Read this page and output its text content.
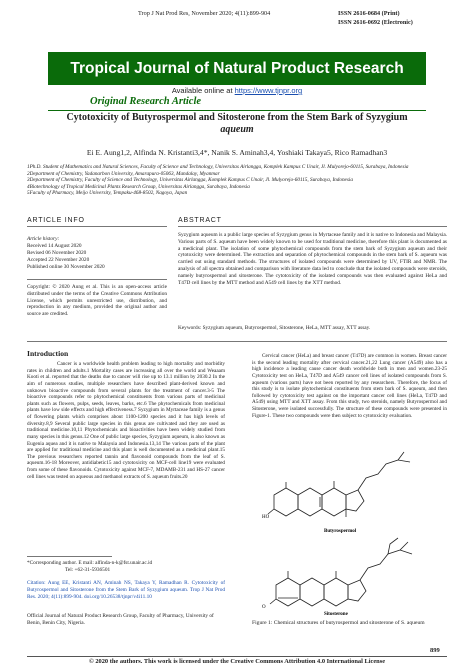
Trop J Nat Prod Res, November 2020; 4(11):899-904	ISSN 2616-0684 (Print)
ISSN 2616-0692 (Electronic)
Tropical Journal of Natural Product Research
Available online at https://www.tjnpr.org
Original Research Article
Cytotoxicity of Butyrospermol and Sitosterone from the Stem Bark of Syzygium
aqueum
Ei E. Aung1,2, Alfinda N. Kristanti3,4*, Nanik S. Aminah3,4, Yoshiaki Takaya5, Rico Ramadhan3
1Ph.D. Student of Mathematics and Natural Sciences, Faculty of Science and Technology, Universitas Airlangga, Komplek Kampus C Unair, Jl. Mulyorejo-60115, Surabaya, Indonesia
2Department of Chemistry, Yadanarbon University, Amarapura-05063, Mandalay, Myanmar
3Department of Chemistry, Faculty of Science and Technology, Universitas Airlangga, Komplek Kampus C Unair, Jl. Mulyorejo-60115, Surabaya, Indonesia
4Biotechnology of Tropical Medicinal Plants Research Group, Universitas Airlangga, Surabaya, Indonesia
5Faculty of Pharmacy, Meijo University, Tempaku-468-8502, Nagoya, Japan
ARTICLE INFO	ABSTRACT
Article history:
Received 14 August 2020
Revised 06 November 2020
Accepted 22 November 2020
Published online 30 November 2020
Copyright: © 2020 Aung et al. This is an open-access article distributed under the terms of the Creative Commons Attribution License, which permits unrestricted use, distribution, and reproduction in any medium, provided the original author and source are credited.
Syzygium aqueum is a public large species of Syzygium genus in Myrtaceae family and it is native to Indonesia and Malaysia. Various parts of S. aqueum have been widely known to be used for traditional medicine, therefore this plant is documented as a medicinal plant. The isolation of some phytochemical compounds from the stem bark of Syzygium aqueum and their cytotoxicity were determined. The extraction and separation of phytochemical compounds in the stem bark of S. aqueum was carried out using standard methods. The structures of isolated compounds were determined by UV, FTIR and NMR. The analysis of all spectra obtained and comparison with literature data led to conclude that the isolated compounds were steroids, namely butyrospermol and sitosterone. The cytotoxicity of the isolated compounds was then evaluated against HeLa and T47D cell lines by the MTT method and A549 cell lines by the XTT method.
Keywords: Syzygium aqueum, Butyrospermol, Sitosterone, HeLa, MTT assay, XTT assay.
Introduction
Cancer is a worldwide health problem leading to high mortality and morbidity rates in children and adults.1 Mortality cases are increasing all over the world and Weaaam Kooti et al. reported that the deaths due to cancer will rise up to 13.1 million by 2030.2 In the aim of numerous studies, multiple researchers have described plant-derived known and unknown bioactive compounds from several plants for the treatment of cancer.3-5 The bioactive compounds refer to phytochemical constituents from various parts of medicinal plants such as flowers, pulps, seeds, leaves, barks, etc.6 The phytochemicals from medicinal plants have low side effects and high effectiveness.7 Syzygium in Myrtaceae family is a genus of flowering plants which comprises about 1100-1200 species and it has high levels of diversity.8,9 Several public large species in this genus are cultivated and they are used as traditional medicine.10,11 Phytochemicals and bioactivities have been widely studied from many species in this genus.12 One of public large species, Syzygium aqueum, is also known as Eugenia aquea and it is native to Malaysia and Indonesia.13,14 The various parts of the plant are applied for traditional medicine and this plant is well documented as a medicinal plant.15 The previous researchers reported tannin and flavonoid compounds from the leaf of S. aqueum.16-18 Moreover, antidiabetic15 and cytotoxicity on MCF-cell line19 were evaluated from some of these flavonoids. Cytotoxicity against MCF-7, MDAMB-231 and HS-27 cancer cell lines was tested on aqueous and methanol extracts of S. aqueum fruits.20
*Corresponding author. E mail: alfinda-n-k@fst.unair.ac.id
Tel: +62-31-5936501
Citation: Aung EE, Kristanti AN, Aminah NS, Takaya Y, Ramadhan R. Cytotoxicity of Butyrospermol and Sitosterone from the Stem Bark of Syzygium aqueum. Trop J Nat Prod Res. 2020; 4(11):899-904. doi.org/10.26538/tjnpr/v4i11.10
Official Journal of Natural Product Research Group, Faculty of Pharmacy, University of Benin, Benin City, Nigeria.
Cervical cancer (HeLa) and breast cancer (T47D) are common in women. Breast cancer is the second leading mortality after cervical cancer.21,22 Lung cancer (A549) also has a high incidence a leading cause cancer death worldwide both in men and women.23-25 Cytotoxicity test on HeLa, T47D and A549 cancer cell lines of isolated compounds from S. aqueum (various parts) have not been reported by any researchers. Therefore, the focus of this study is to isolate phytochemical constituents from stem bark of S. aqueum, and then followed by cytotoxicity test against on the important cancer cell lines (HeLa, T47D and A549) using MTT and XTT assay. From this study, two steroids, namely Butyrospermol and Sitosterone, were isolated successfully. The structure of these compounds were presented in Figure-1. These two compounds were then subject to cytotoxicity evaluation.
HO
Butyrospermol
O
Sitosterone
Figure 1: Chemical structures of butyrospermol and sitosterone of S. aqueum
899
© 2020 the authors. This work is licensed under the Creative Commons Attribution 4.0 International License
